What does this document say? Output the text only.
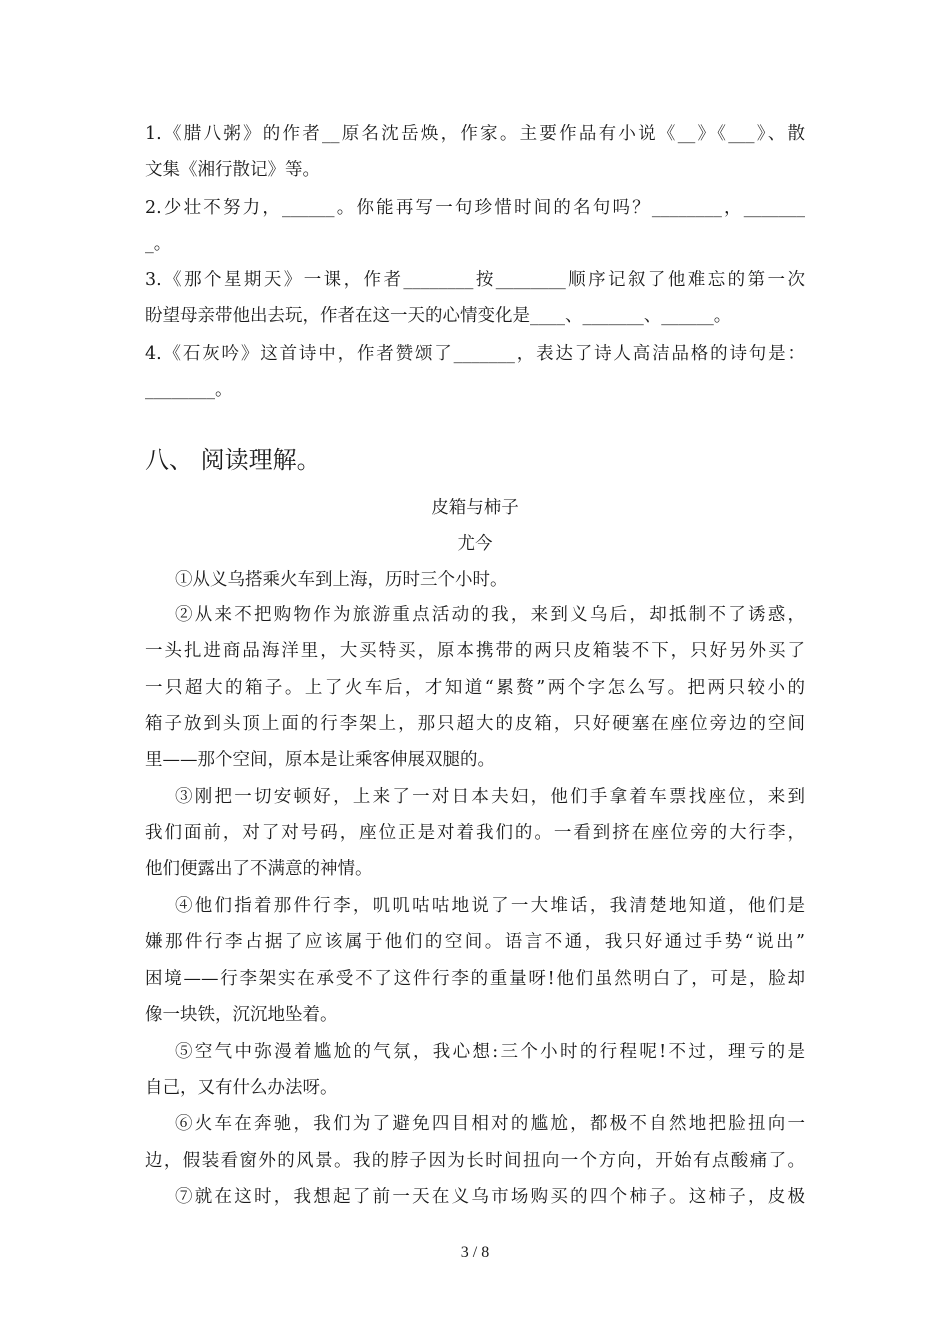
1.《腊八粥》的作者__原名沈岳焕，作家。主要作品有小说《__》《___》、散
文集《湘行散记》等。
2.少壮不努力，______。你能再写一句珍惜时间的名句吗？________，_______
_。
3.《那个星期天》一课，作者________按________顺序记叙了他难忘的第一次
盼望母亲带他出去玩，作者在这一天的心情变化是____、_______、______。
4.《石灰吟》这首诗中，作者赞颂了_______，表达了诗人高洁品格的诗句是：
________。
八、 阅读理解。
皮箱与柿子
尤今
①从义乌搭乘火车到上海，历时三个小时。
②从来不把购物作为旅游重点活动的我，来到义乌后，却抵制不了诱惑，
一头扎进商品海洋里，大买特买，原本携带的两只皮箱装不下，只好另外买了
一只超大的箱子。上了火车后，才知道“累赘”两个字怎么写。把两只较小的
箱子放到头顶上面的行李架上，那只超大的皮箱，只好硬塞在座位旁边的空间
里——那个空间，原本是让乘客伸展双腿的。
③刚把一切安顿好，上来了一对日本夫妇，他们手拿着车票找座位，来到
我们面前，对了对号码，座位正是对着我们的。一看到挤在座位旁的大行李，
他们便露出了不满意的神情。
④他们指着那件行李，叽叽咕咕地说了一大堆话，我清楚地知道，他们是
嫌那件行李占据了应该属于他们的空间。语言不通，我只好通过手势“说出”
困境——行李架实在承受不了这件行李的重量呀!他们虽然明白了，可是，脸却
像一块铁，沉沉地坠着。
⑤空气中弥漫着尴尬的气氛，我心想:三个小时的行程呢!不过，理亏的是
自己，又有什么办法呀。
⑥火车在奔驰，我们为了避免四目相对的尴尬，都极不自然地把脸扭向一
边，假装看窗外的风景。我的脖子因为长时间扭向一个方向，开始有点酸痛了。
⑦就在这时，我想起了前一天在义乌市场购买的四个柿子。这柿子，皮极
3 / 8
